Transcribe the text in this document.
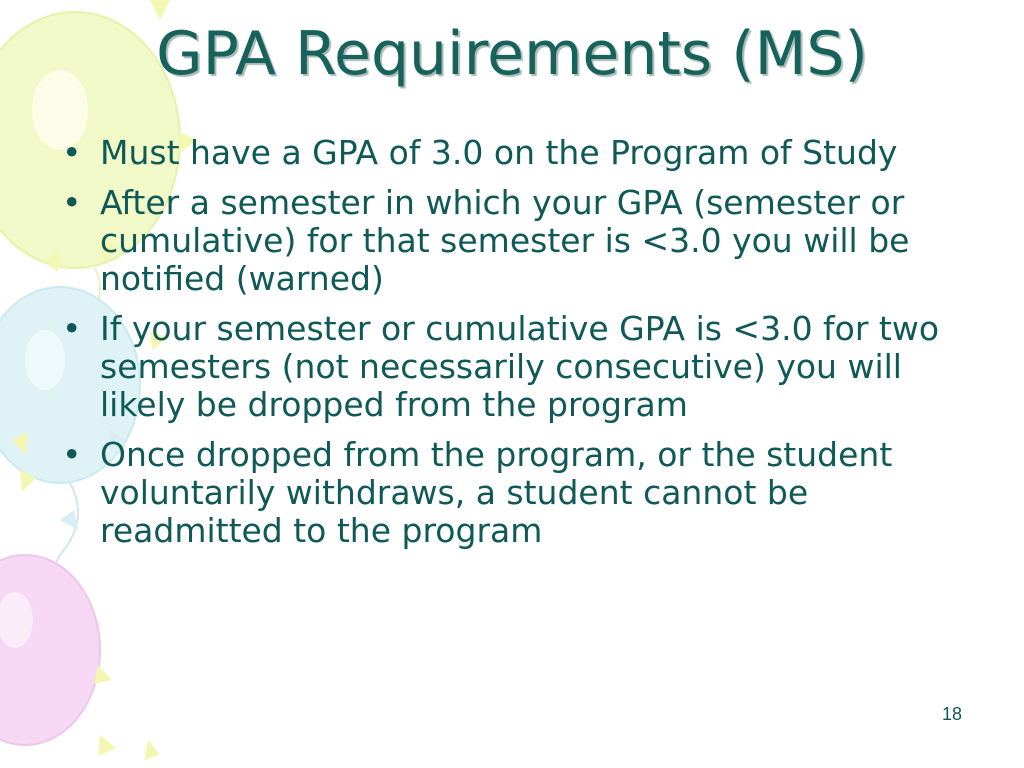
GPA Requirements (MS)
• Must have a GPA of 3.0 on the Program of Study
• After a semester in which your GPA (semester or cumulative) for that semester is <3.0 you will be notified (warned)
• If your semester or cumulative GPA is <3.0 for two semesters (not necessarily consecutive) you will likely be dropped from the program
• Once dropped from the program, or the student voluntarily withdraws, a student cannot be readmitted to the program
18
